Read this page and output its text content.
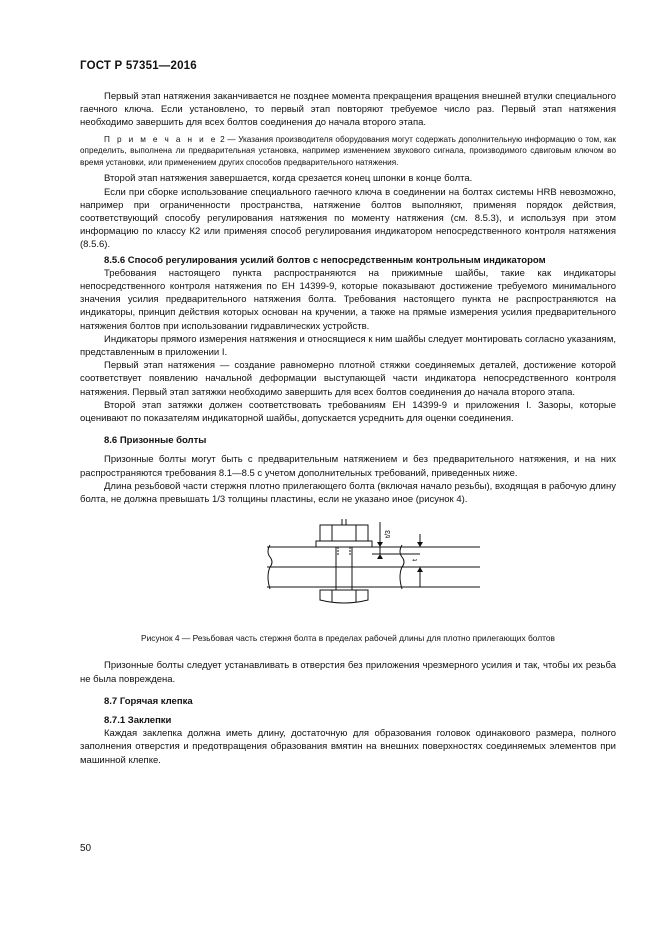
ГОСТ Р 57351—2016

Первый этап натяжения заканчивается не позднее момента прекращения вращения внешней втулки специального гаечного ключа. Если установлено, то первый этап повторяют требуемое число раз. Первый этап натяжения необходимо завершить для всех болтов соединения до начала второго этапа.

П р и м е ч а н и е 2 — Указания производителя оборудования могут содержать дополнительную информацию о том, как определить, выполнена ли предварительная установка, например изменением звукового сигнала, производимого сдвиговым ключом во время установки, или применением других способов предварительного натяжения.

Второй этап натяжения завершается, когда срезается конец шпонки в конце болта.

Если при сборке использование специального гаечного ключа в соединении на болтах системы HRB невозможно, например при ограниченности пространства, натяжение болтов выполняют, применяя порядок действия, соответствующий способу регулирования натяжения по моменту натяжения (см. 8.5.3), и используя при этом информацию по классу К2 или применяя способ регулирования индикатором непосредственного контроля натяжения (8.5.6).

8.5.6 Способ регулирования усилий болтов с непосредственным контрольным индикатором

Требования настоящего пункта распространяются на прижимные шайбы, такие как индикаторы непосредственного контроля натяжения по ЕН 14399-9, которые показывают достижение требуемого минимального значения усилия предварительного натяжения болта. Требования настоящего пункта не распространяются на индикаторы, принцип действия которых основан на кручении, а также на прямые измерения усилия предварительного натяжения болтов при использовании гидравлических устройств.

Индикаторы прямого измерения натяжения и относящиеся к ним шайбы следует монтировать согласно указаниям, представленным в приложении I.

Первый этап натяжения — создание равномерно плотной стяжки соединяемых деталей, достижение которой соответствует появлению начальной деформации выступающей части индикатора непосредственного контроля натяжения. Первый этап затяжки необходимо завершить для всех болтов соединения до начала второго этапа.

Второй этап затяжки должен соответствовать требованиям ЕН 14399-9 и приложения I. Зазоры, которые оценивают по показателям индикаторной шайбы, допускается усреднить для оценки соединения.

8.6 Призонные болты

Призонные болты могут быть с предварительным натяжением и без предварительного натяжения, и на них распространяются требования 8.1—8.5 с учетом дополнительных требований, приведенных ниже.

Длина резьбовой части стержня плотно прилегающего болта (включая начало резьбы), входящая в рабочую длину болта, не должна превышать 1/3 толщины пластины, если не указано иное (рисунок 4).

t/3
t

Рисунок 4 — Резьбовая часть стержня болта в пределах рабочей длины для плотно прилегающих болтов

Призонные болты следует устанавливать в отверстия без приложения чрезмерного усилия и так, чтобы их резьба не была повреждена.

8.7 Горячая клепка

8.7.1 Заклепки

Каждая заклепка должна иметь длину, достаточную для образования головок одинакового размера, полного заполнения отверстия и предотвращения образования вмятин на внешних поверхностях соединяемых элементов при машинной клепке.

50
